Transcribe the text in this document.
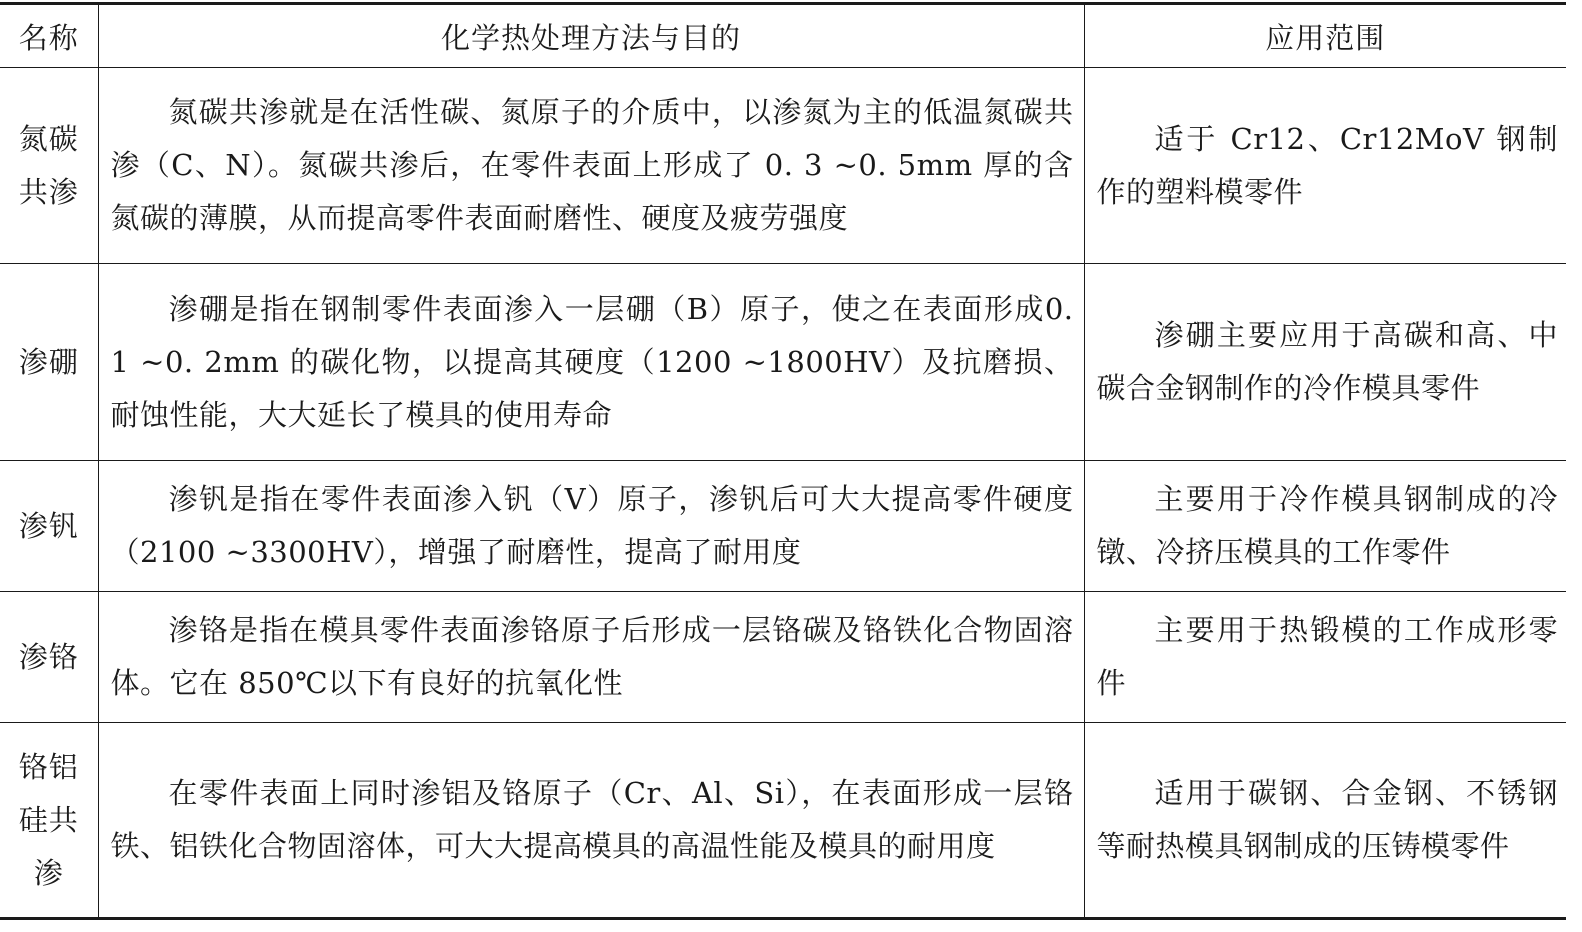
名称	化学热处理方法与目的	应用范围
氮碳共渗	氮碳共渗就是在活性碳、氮原子的介质中，以渗氮为主的低温氮碳共渗（C、N）。氮碳共渗后，在零件表面上形成了 0. 3 ~0. 5mm 厚的含氮碳的薄膜，从而提高零件表面耐磨性、硬度及疲劳强度	适于 Cr12、Cr12MoV 钢制作的塑料模零件
渗硼	渗硼是指在钢制零件表面渗入一层硼（B）原子，使之在表面形成0. 1 ~0. 2mm 的碳化物，以提高其硬度（1200 ~1800HV）及抗磨损、耐蚀性能，大大延长了模具的使用寿命	渗硼主要应用于高碳和高、中碳合金钢制作的冷作模具零件
渗钒	渗钒是指在零件表面渗入钒（V）原子，渗钒后可大大提高零件硬度（2100 ~3300HV），增强了耐磨性，提高了耐用度	主要用于冷作模具钢制成的冷镦、冷挤压模具的工作零件
渗铬	渗铬是指在模具零件表面渗铬原子后形成一层铬碳及铬铁化合物固溶体。它在 850℃以下有良好的抗氧化性	主要用于热锻模的工作成形零件
铬铝硅共渗	在零件表面上同时渗铝及铬原子（Cr、Al、Si），在表面形成一层铬铁、铝铁化合物固溶体，可大大提高模具的高温性能及模具的耐用度	适用于碳钢、合金钢、不锈钢等耐热模具钢制成的压铸模零件
